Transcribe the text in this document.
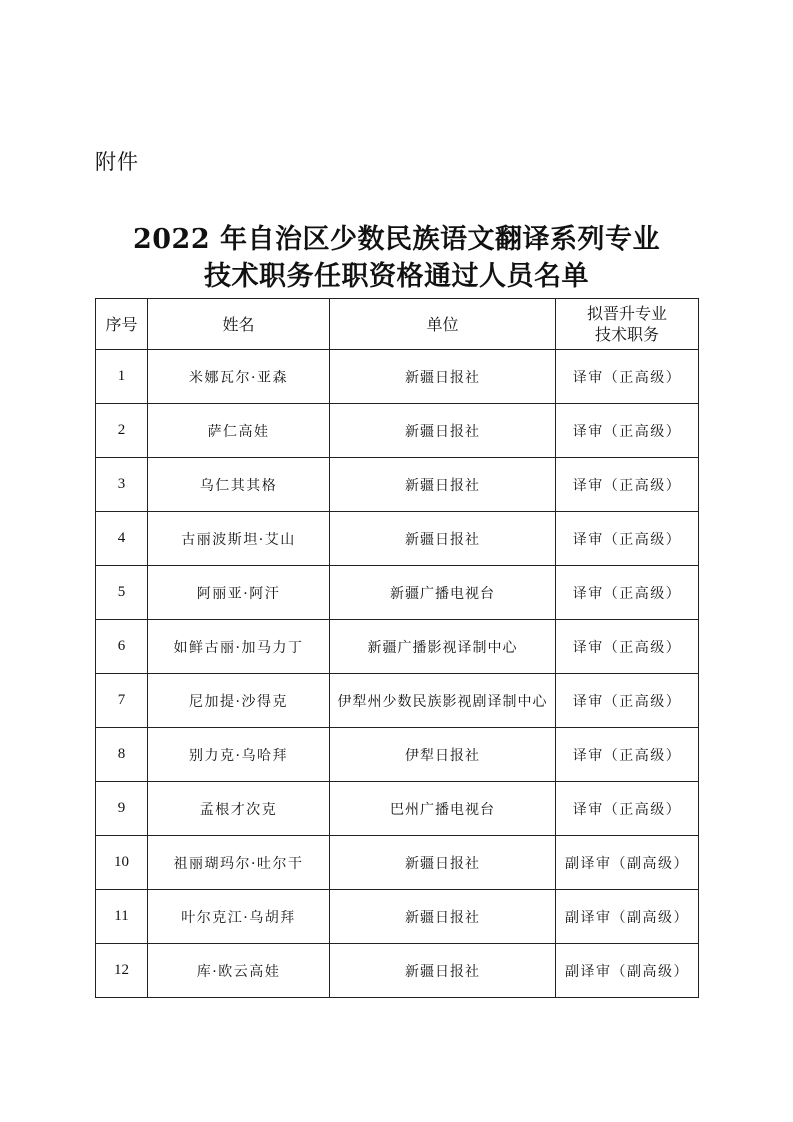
附件
2022 年自治区少数民族语文翻译系列专业
技术职务任职资格通过人员名单
序号	姓名	单位	拟晋升专业
技术职务

1	米娜瓦尔·亚森	新疆日报社	译审（正高级）
2	萨仁高娃	新疆日报社	译审（正高级）
3	乌仁其其格	新疆日报社	译审（正高级）
4	古丽波斯坦·艾山	新疆日报社	译审（正高级）
5	阿丽亚·阿汗	新疆广播电视台	译审（正高级）
6	如鲜古丽·加马力丁	新疆广播影视译制中心	译审（正高级）
7	尼加提·沙得克	伊犁州少数民族影视剧译制中心	译审（正高级）
8	别力克·乌哈拜	伊犁日报社	译审（正高级）
9	孟根才次克	巴州广播电视台	译审（正高级）
10	祖丽瑚玛尔·吐尔干	新疆日报社	副译审（副高级）
11	叶尔克江·乌胡拜	新疆日报社	副译审（副高级）
12	库·欧云高娃	新疆日报社	副译审（副高级）
